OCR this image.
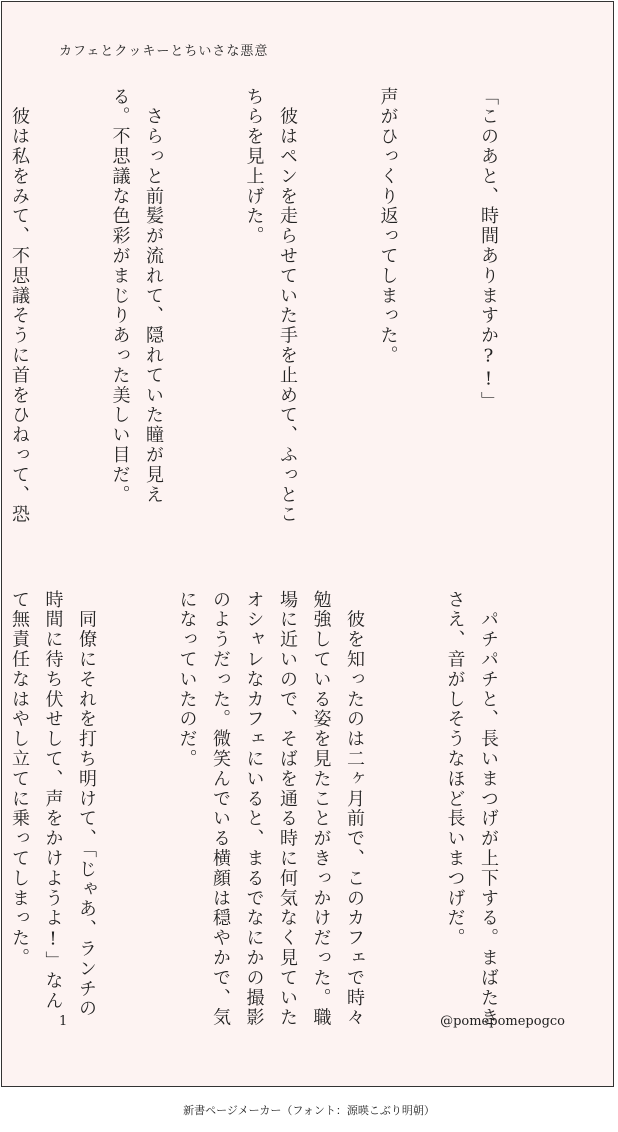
カフェとクッキーとちいさな悪意

「このあと、時間ありますか?!」

声がひっくり返ってしまった。

　彼はペンを走らせていた手を止めて、ふっとこちらを見上げた。

　さらっと前髪が流れて、隠れていた瞳が見える。不思議な色彩がまじりあった美しい目だ。

　彼は私をみて、不思議そうに首をひねって、恐

　パチパチと、長いまつげが上下する。まばたきさえ、音がしそうなほど長いまつげだ。

　彼を知ったのは二ヶ月前で、このカフェで時々勉強している姿を見たことがきっかけだった。職場に近いので、そばを通る時に何気なく見ていたオシャレなカフェにいると、まるでなにかの撮影のようだった。微笑んでいる横顔は穏やかで、気になっていたのだ。

　同僚にそれを打ち明けて、「じゃあ、ランチの時間に待ち伏せして、声をかけようよ!」なんて無責任なはやし立てに乗ってしまった。

1	@pomepomepogco
新書ページメーカー（フォント：源暎こぶり明朝）
